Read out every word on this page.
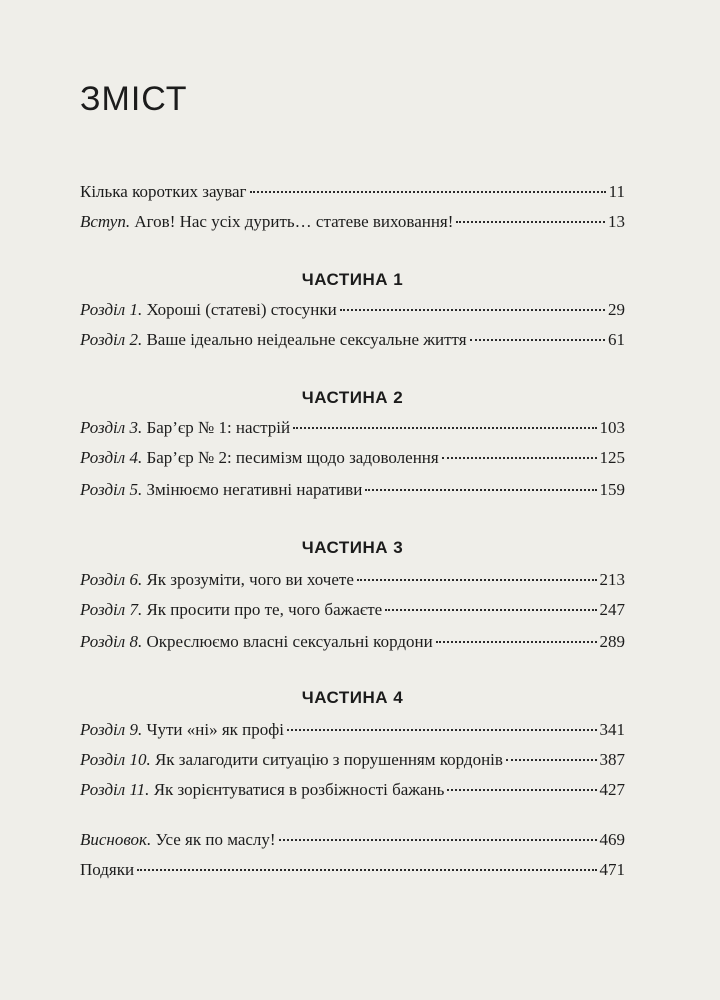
ЗМІСТ
Кілька коротких зауваг	11
Вступ. Агов! Нас усіх дурить… статеве виховання!	13
ЧАСТИНА 1
Розділ 1. Хороші (статеві) стосунки	29
Розділ 2. Ваше ідеально неідеальне сексуальне життя	61
ЧАСТИНА 2
Розділ 3. Бар’єр № 1: настрій	103
Розділ 4. Бар’єр № 2: песимізм щодо задоволення	125
Розділ 5. Змінюємо негативні наративи	159
ЧАСТИНА 3
Розділ 6. Як зрозуміти, чого ви хочете	213
Розділ 7. Як просити про те, чого бажаєте	247
Розділ 8. Окреслюємо власні сексуальні кордони	289
ЧАСТИНА 4
Розділ 9. Чути «ні» як профі	341
Розділ 10. Як залагодити ситуацію з порушенням кордонів	387
Розділ 11. Як зорієнтуватися в розбіжності бажань	427
Висновок. Усе як по маслу!	469
Подяки	471
